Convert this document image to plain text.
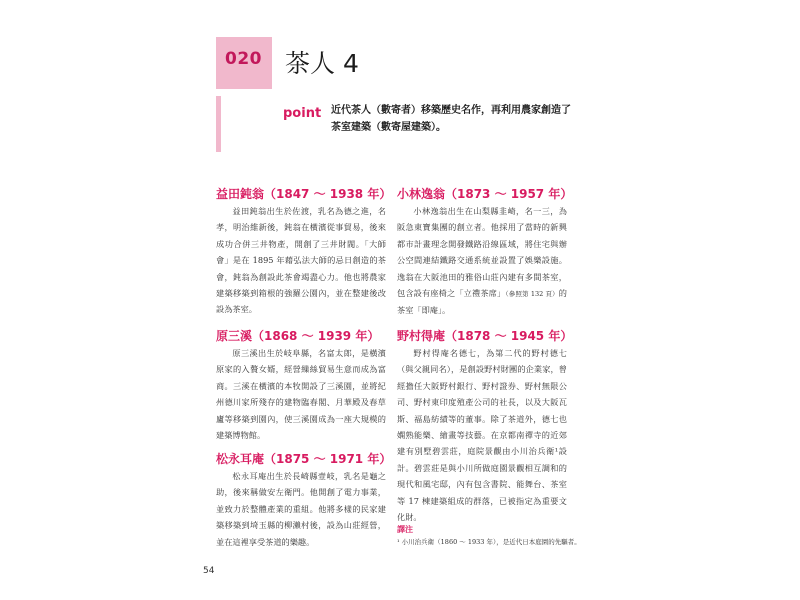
020 茶人 4
point 近代茶人（數寄者）移築歷史名作，再利用農家創造了茶室建築（數寄屋建築）。
益田鈍翁（1847 ～ 1938 年）
益田鈍翁出生於佐渡，乳名為德之進，名孝，明治維新後，鈍翁在橫濱從事貿易，後來成功合併三井物產，開創了三井財閥。「大師會」是在 1895 年藉弘法大師的忌日創造的茶會，鈍翁為創設此茶會竭盡心力。他也將農家建築移築到箱根的強羅公園內，並在整建後改設為茶室。
原三溪（1868 ～ 1939 年）
原三溪出生於岐阜縣，名富太郎，是橫濱原家的入贅女婿，經營繅絲貿易生意而成為富商。三溪在橫濱的本牧開設了三溪園，並將紀州德川家所殘存的建物臨春閣、月華殿及春草廬等移築到園內，使三溪園成為一座大規模的建築博物館。
松永耳庵（1875 ～ 1971 年）
松永耳庵出生於長崎縣壹岐，乳名是龜之助，後來稱做安左衛門。他開創了電力事業，並致力於整體產業的重組。他將多樣的民家建築移築到埼玉縣的柳瀨村後，設為山莊經營，並在這裡享受茶道的樂趣。
小林逸翁（1873 ～ 1957 年）
小林逸翁出生在山梨縣韭崎，名一三，為阪急東寶集團的創立者。他採用了當時的新興都市計畫理念開發鐵路沿線區域，將住宅與辦公空間連結鐵路交通系統並設置了娛樂設施。逸翁在大阪池田的雅俗山莊內建有多間茶室，包含設有座椅之「立禮茶席」（參照第 132 頁）的茶室「即庵」。
野村得庵（1878 ～ 1945 年）
野村得庵名德七，為第二代的野村德七（與父親同名），是創設野村財團的企業家，曾經擔任大阪野村銀行、野村證券、野村無限公司、野村東印度殖產公司的社長，以及大阪瓦斯、福島紡績等的董事。除了茶道外，德七也嫻熟能樂、繪畫等技藝。在京都南禪寺的近郊建有別墅碧雲莊，庭院景觀由小川治兵衛¹設計。碧雲莊是與小川所做庭園景觀相互調和的現代和風宅邸，內有包含書院、能舞台、茶室等 17 棟建築組成的群落，已被指定為重要文化財。
譯注
¹ 小川治兵衛（1860 ～ 1933 年），是近代日本庭園的先驅者。
54
